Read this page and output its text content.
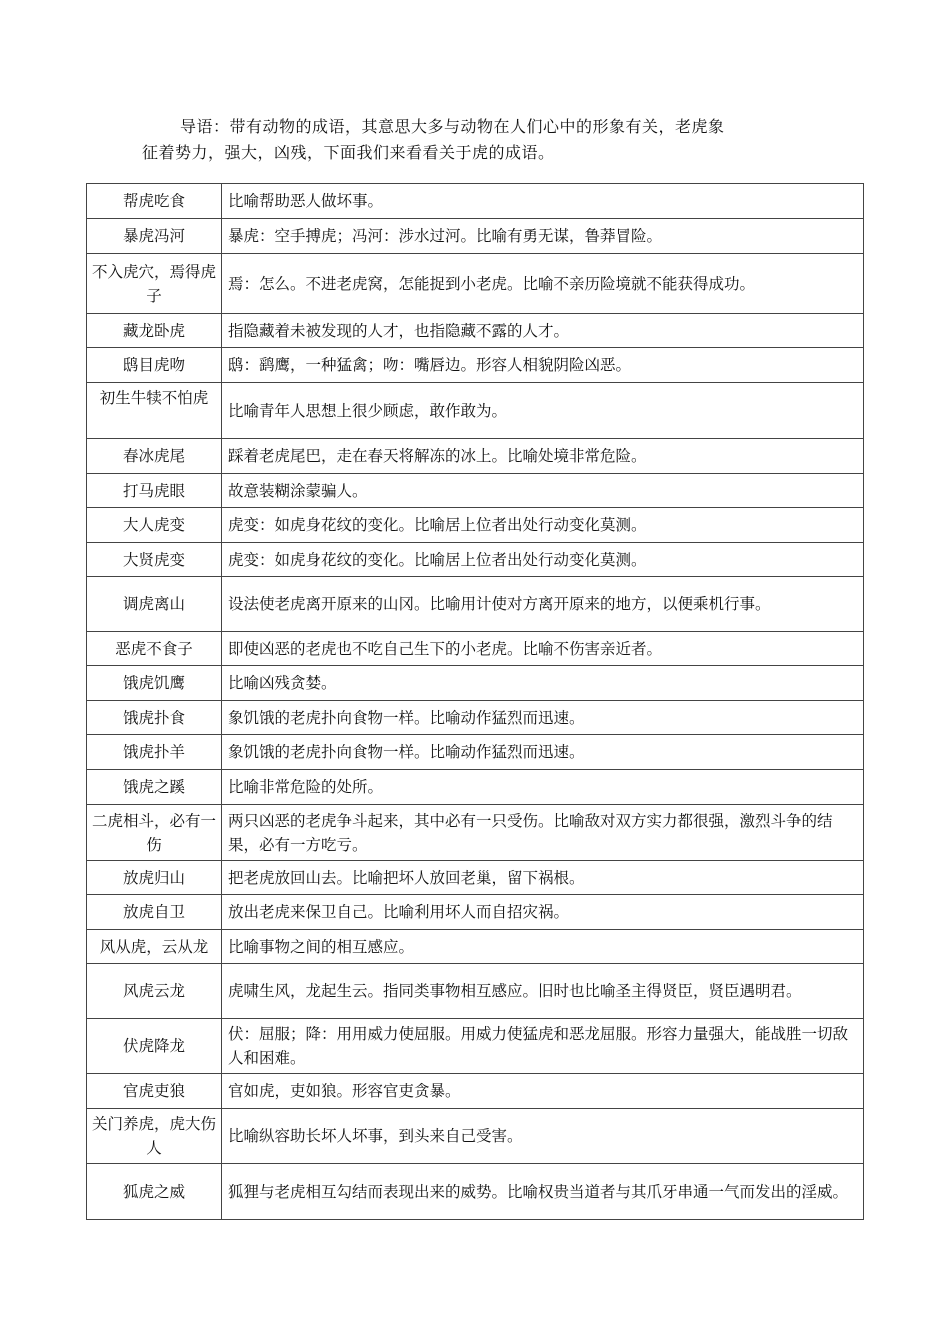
导语：带有动物的成语，其意思大多与动物在人们心中的形象有关，老虎象
征着势力，强大，凶残，下面我们来看看关于虎的成语。
帮虎吃食	比喻帮助恶人做坏事。
暴虎冯河	暴虎：空手搏虎；冯河：涉水过河。比喻有勇无谋，鲁莽冒险。
不入虎穴，焉得虎子	焉：怎么。不进老虎窝，怎能捉到小老虎。比喻不亲历险境就不能获得成功。
藏龙卧虎	指隐藏着未被发现的人才，也指隐藏不露的人才。
鸱目虎吻	鸱：鹞鹰，一种猛禽；吻：嘴唇边。形容人相貌阴险凶恶。
初生牛犊不怕虎	比喻青年人思想上很少顾虑，敢作敢为。
春冰虎尾	踩着老虎尾巴，走在春天将解冻的冰上。比喻处境非常危险。
打马虎眼	故意装糊涂蒙骗人。
大人虎变	虎变：如虎身花纹的变化。比喻居上位者出处行动变化莫测。
大贤虎变	虎变：如虎身花纹的变化。比喻居上位者出处行动变化莫测。
调虎离山	设法使老虎离开原来的山冈。比喻用计使对方离开原来的地方，以便乘机行事。
恶虎不食子	即使凶恶的老虎也不吃自己生下的小老虎。比喻不伤害亲近者。
饿虎饥鹰	比喻凶残贪婪。
饿虎扑食	象饥饿的老虎扑向食物一样。比喻动作猛烈而迅速。
饿虎扑羊	象饥饿的老虎扑向食物一样。比喻动作猛烈而迅速。
饿虎之蹊	比喻非常危险的处所。
二虎相斗，必有一伤	两只凶恶的老虎争斗起来，其中必有一只受伤。比喻敌对双方实力都很强，激烈斗争的结果，必有一方吃亏。
放虎归山	把老虎放回山去。比喻把坏人放回老巢，留下祸根。
放虎自卫	放出老虎来保卫自己。比喻利用坏人而自招灾祸。
风从虎，云从龙	比喻事物之间的相互感应。
风虎云龙	虎啸生风，龙起生云。指同类事物相互感应。旧时也比喻圣主得贤臣，贤臣遇明君。
伏虎降龙	伏：屈服；降：用用威力使屈服。用威力使猛虎和恶龙屈服。形容力量强大，能战胜一切敌人和困难。
官虎吏狼	官如虎，吏如狼。形容官吏贪暴。
关门养虎，虎大伤人	比喻纵容助长坏人坏事，到头来自己受害。
狐虎之威	狐狸与老虎相互勾结而表现出来的威势。比喻权贵当道者与其爪牙串通一气而发出的淫威。
